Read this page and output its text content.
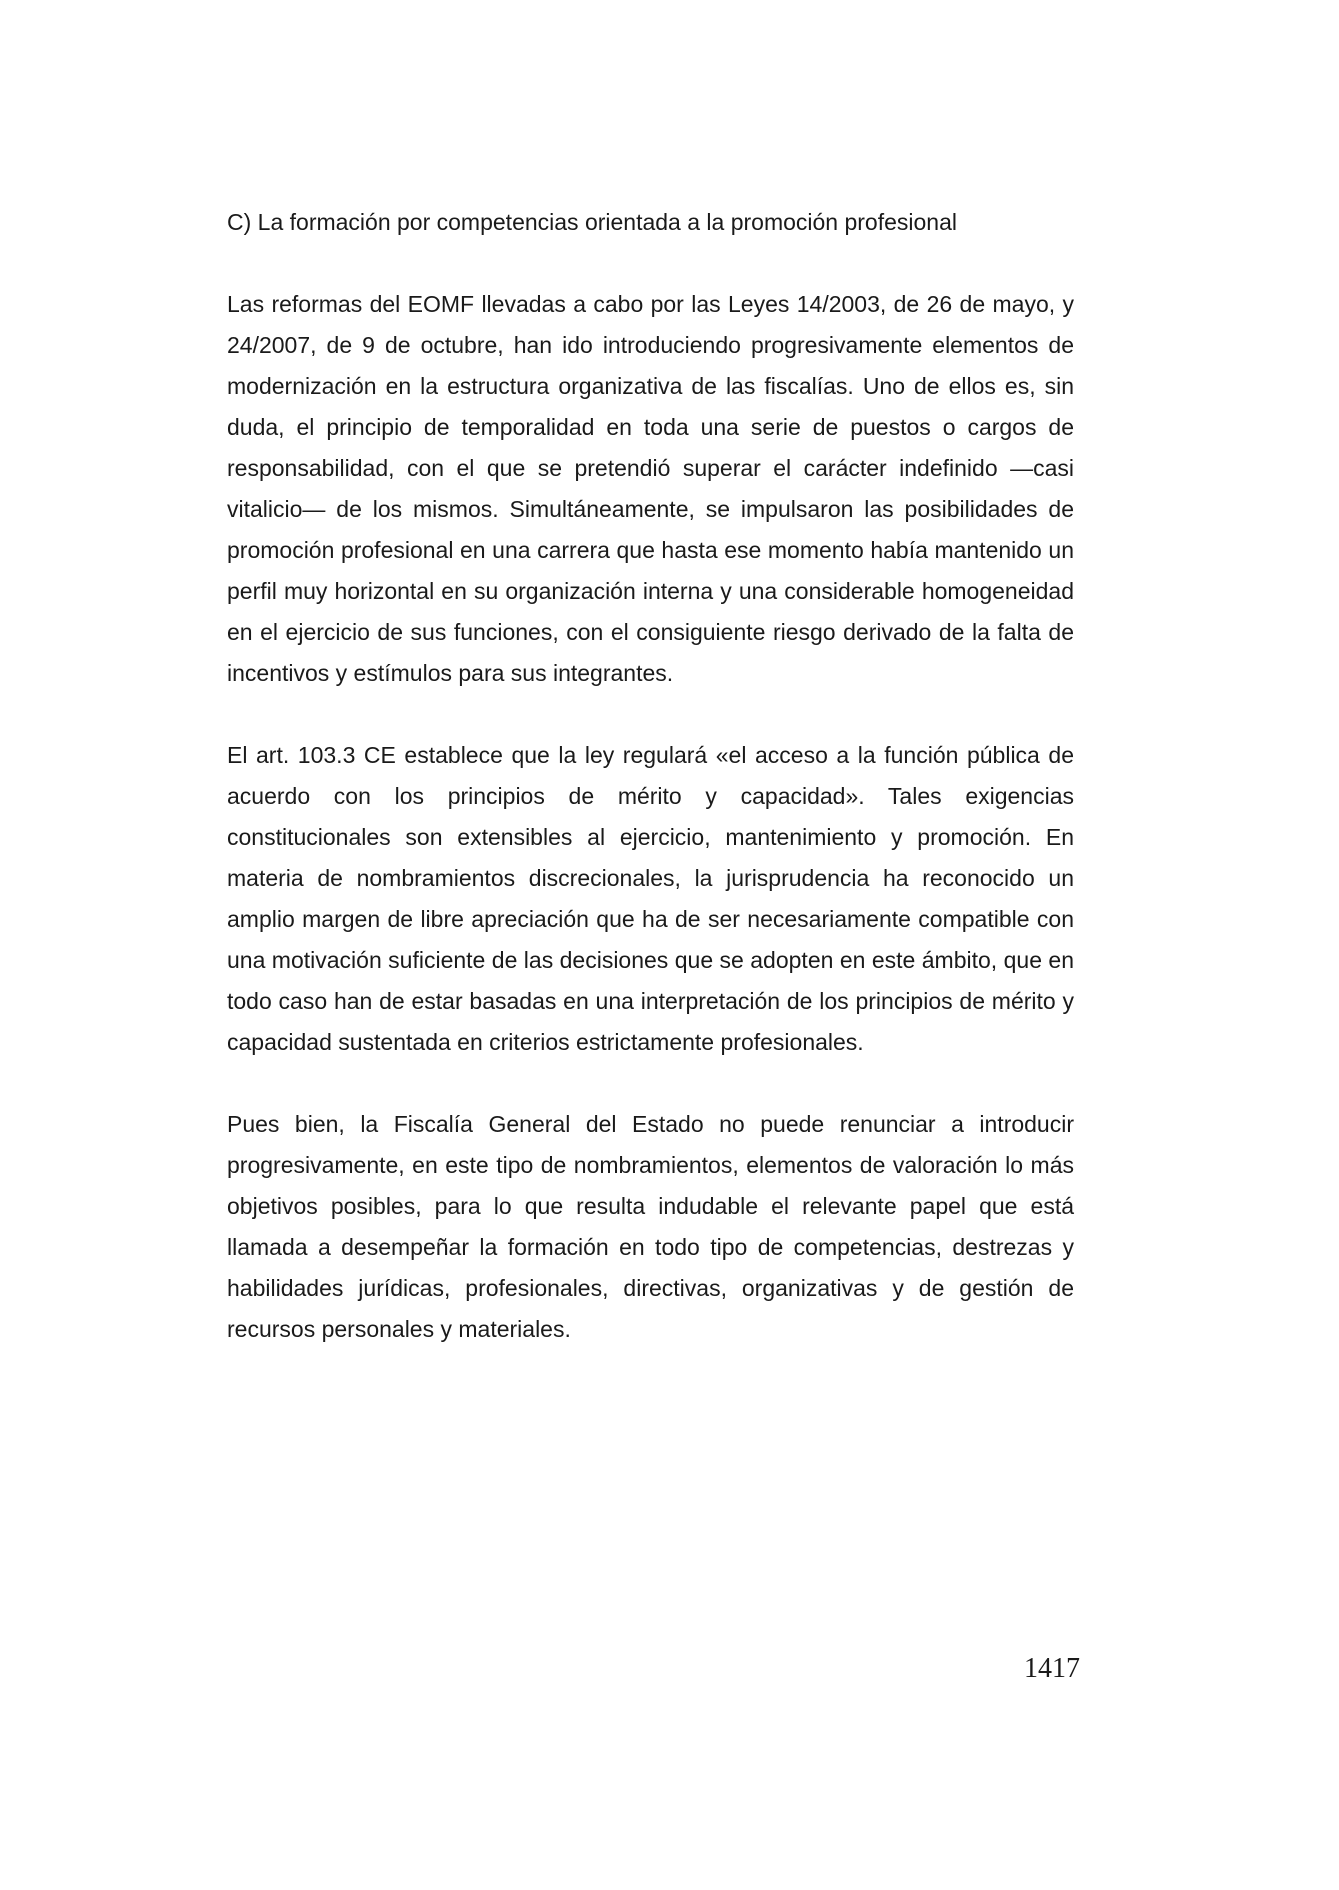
C) La formación por competencias orientada a la promoción profesional

Las reformas del EOMF llevadas a cabo por las Leyes 14/2003, de 26 de mayo, y 24/2007, de 9 de octubre, han ido introduciendo progresivamente elementos de modernización en la estructura organizativa de las fiscalías. Uno de ellos es, sin duda, el principio de temporalidad en toda una serie de puestos o cargos de responsabilidad, con el que se pretendió superar el carácter indefinido —casi vitalicio— de los mismos. Simultáneamente, se impulsaron las posibilidades de promoción profesional en una carrera que hasta ese momento había mantenido un perfil muy horizontal en su organización interna y una considerable homogeneidad en el ejercicio de sus funciones, con el consiguiente riesgo derivado de la falta de incentivos y estímulos para sus integrantes.

El art. 103.3 CE establece que la ley regulará «el acceso a la función pública de acuerdo con los principios de mérito y capacidad». Tales exigencias constitucionales son extensibles al ejercicio, mantenimiento y promoción. En materia de nombramientos discrecionales, la jurisprudencia ha reconocido un amplio margen de libre apreciación que ha de ser necesariamente compatible con una motivación suficiente de las decisiones que se adopten en este ámbito, que en todo caso han de estar basadas en una interpretación de los principios de mérito y capacidad sustentada en criterios estrictamente profesionales.

Pues bien, la Fiscalía General del Estado no puede renunciar a introducir progresivamente, en este tipo de nombramientos, elementos de valoración lo más objetivos posibles, para lo que resulta indudable el relevante papel que está llamada a desempeñar la formación en todo tipo de competencias, destrezas y habilidades jurídicas, profesionales, directivas, organizativas y de gestión de recursos personales y materiales.

1417
